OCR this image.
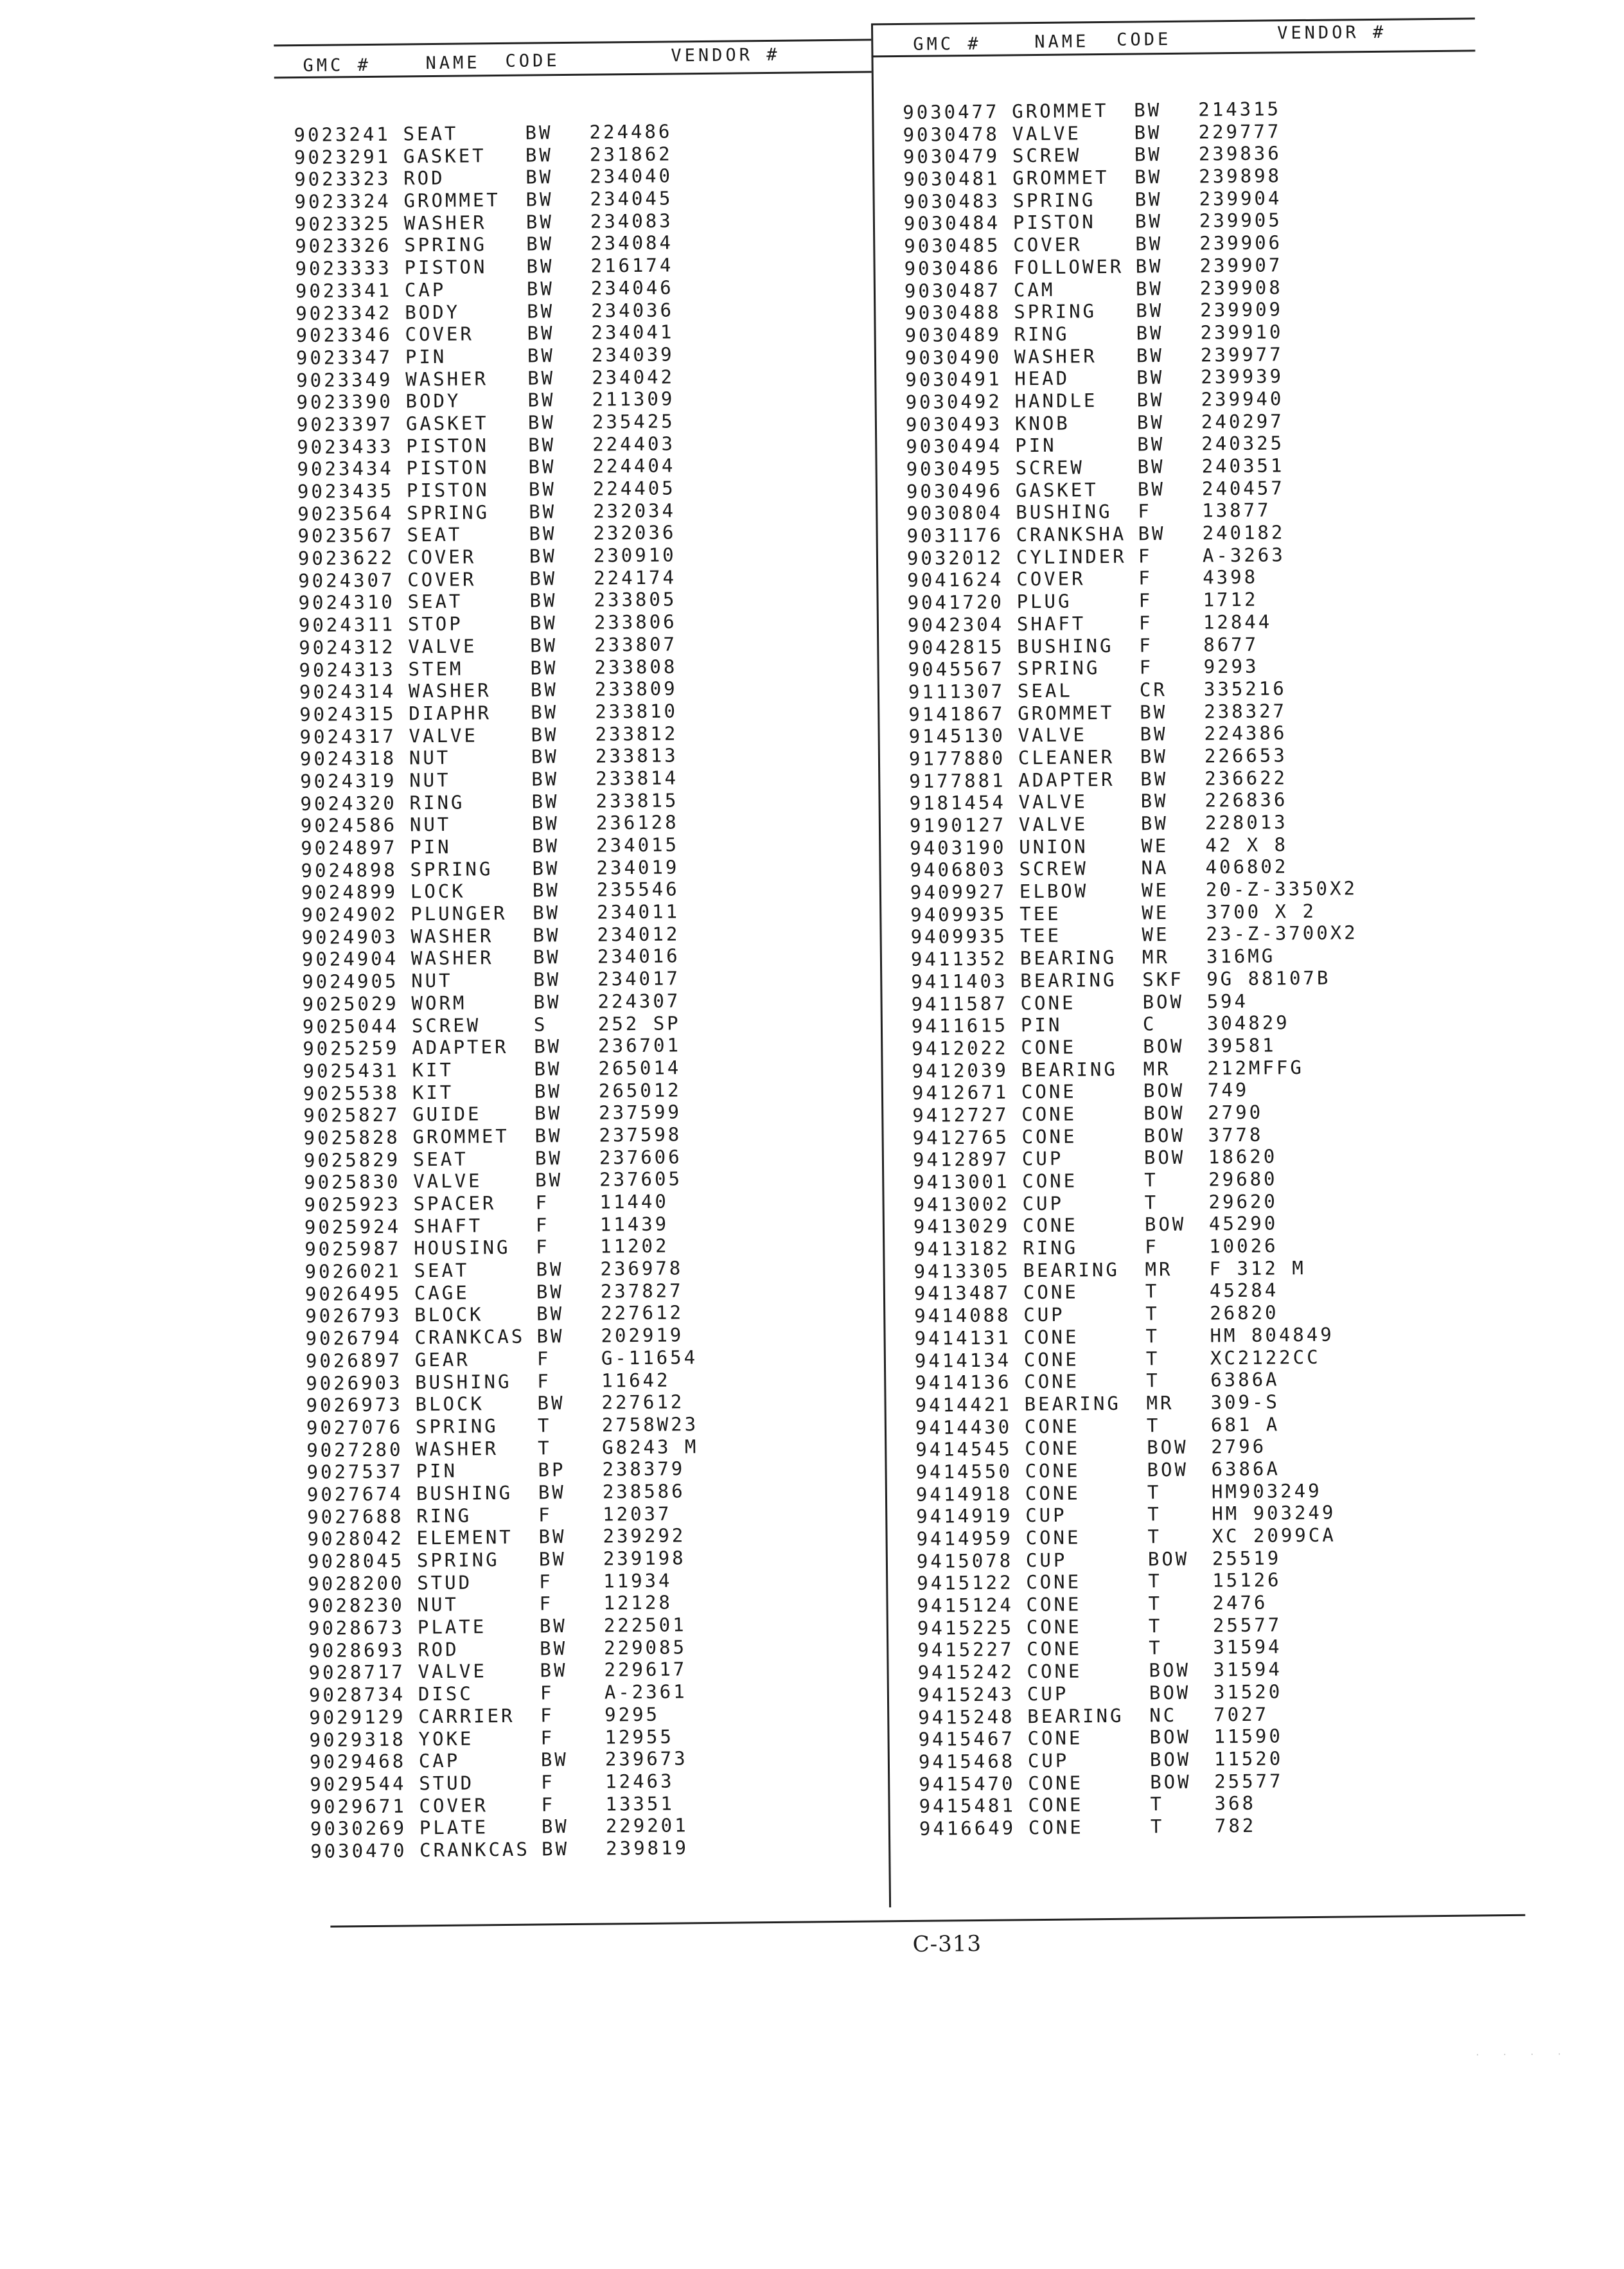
GMC #	NAME CODE	VENDOR #
GMC #	NAME CODE	VENDOR #
9023241 SEAT	BW 224486
9023291 GASKET BW 231862
9023323 ROD	BW 234040
9023324 GROMMET BW 234045
9023325 WASHER BW 234083
9023326 SPRING BW 234084
9023333 PISTON BW 216174
9023341 CAP	BW 234046
9023342 BODY	BW 234036
9023346 COVER	BW 234041
9023347 PIN	BW 234039
9023349 WASHER BW 234042
9023390 BODY	BW 211309
9023397 GASKET BW 235425
9023433 PISTON BW 224403
9023434 PISTON BW 224404
9023435 PISTON BW 224405
9023564 SPRING BW 232034
9023567 SEAT	BW 232036
9023622 COVER	BW 230910
9024307 COVER	BW 224174
9024310 SEAT	BW 233805
9024311 STOP	BW 233806
9024312 VALVE	BW 233807
9024313 STEM	BW 233808
9024314 WASHER BW 233809
9024315 DIAPHR BW 233810
9024317 VALVE	BW 233812
9024318 NUT	BW 233813
9024319 NUT	BW 233814
9024320 RING	BW 233815
9024586 NUT	BW 236128
9024897 PIN	BW 234015
9024898 SPRING BW 234019
9024899 LOCK	BW 235546
9024902 PLUNGER BW 234011
9024903 WASHER BW 234012
9024904 WASHER BW 234016
9024905 NUT	BW 234017
9025029 WORM	BW 224307
9025044 SCREW	S	252 SP
9025259 ADAPTER BW 236701
9025431 KIT	BW 265014
9025538 KIT	BW 265012
9025827 GUIDE	BW 237599
9025828 GROMMET BW 237598
9025829 SEAT	BW 237606
9025830 VALVE	BW 237605
9025923 SPACER F	11440
9025924 SHAFT	F	11439
9025987 HOUSING F	11202
9026021 SEAT	BW 236978
9026495 CAGE	BW 237827
9026793 BLOCK	BW 227612
9026794 CRANKCAS BW 202919
9026897 GEAR	F	G-11654
9026903 BUSHING F	11642
9026973 BLOCK	BW 227612
9027076 SPRING T	2758W23
9027280 WASHER T	G8243 M
9027537 PIN	BP 238379
9027674 BUSHING BW 238586
9027688 RING	F	12037
9028042 ELEMENT BW 239292
9028045 SPRING BW 239198
9028200 STUD	F	11934
9028230 NUT	F	12128
9028673 PLATE	BW 222501
9028693 ROD	BW 229085
9028717 VALVE	BW 229617
9028734 DISC	F	A-2361
9029129 CARRIER F	9295
9029318 YOKE	F	12955
9029468 CAP	BW 239673
9029544 STUD	F	12463
9029671 COVER	F	13351
9030269 PLATE	BW 229201
9030470 CRANKCAS BW 239819
9030477 GROMMET BW 214315
9030478 VALVE	BW 229777
9030479 SCREW	BW 239836
9030481 GROMMET BW 239898
9030483 SPRING BW 239904
9030484 PISTON BW 239905
9030485 COVER	BW 239906
9030486 FOLLOWER BW 239907
9030487 CAM	BW 239908
9030488 SPRING BW 239909
9030489 RING	BW 239910
9030490 WASHER BW 239977
9030491 HEAD	BW 239939
9030492 HANDLE BW 239940
9030493 KNOB	BW 240297
9030494 PIN	BW 240325
9030495 SCREW	BW 240351
9030496 GASKET BW 240457
9030804 BUSHING F	13877
9031176 CRANKSHA BW 240182
9032012 CYLINDER F	A-3263
9041624 COVER	F	4398
9041720 PLUG	F	1712
9042304 SHAFT	F	12844
9042815 BUSHING F	8677
9045567 SPRING F	9293
9111307 SEAL	CR 335216
9141867 GROMMET BW 238327
9145130 VALVE	BW 224386
9177880 CLEANER BW 226653
9177881 ADAPTER BW 236622
9181454 VALVE	BW 226836
9190127 VALVE	BW 228013
9403190 UNION	WE 42 X 8
9406803 SCREW	NA 406802
9409927 ELBOW	WE 20-Z-3350X2
9409935 TEE	WE 3700 X 2
9409935 TEE	WE 23-Z-3700X2
9411352 BEARING MR 316MG
9411403 BEARING SKF 9G 88107B
9411587 CONE	BOW 594
9411615 PIN	C	304829
9412022 CONE	BOW 39581
9412039 BEARING MR 212MFFG
9412671 CONE	BOW 749
9412727 CONE	BOW 2790
9412765 CONE	BOW 3778
9412897 CUP	BOW 18620
9413001 CONE	T	29680
9413002 CUP	T	29620
9413029 CONE	BOW 45290
9413182 RING	F	10026
9413305 BEARING MR F 312 M
9413487 CONE	T	45284
9414088 CUP	T	26820
9414131 CONE	T	HM 804849
9414134 CONE	T	XC2122CC
9414136 CONE	T	6386A
9414421 BEARING MR 309-S
9414430 CONE	T	681 A
9414545 CONE	BOW 2796
9414550 CONE	BOW 6386A
9414918 CONE	T	HM903249
9414919 CUP	T	HM 903249
9414959 CONE	T	XC 2099CA
9415078 CUP	BOW 25519
9415122 CONE	T	15126
9415124 CONE	T	2476
9415225 CONE	T	25577
9415227 CONE	T	31594
9415242 CONE	BOW 31594
9415243 CUP	BOW 31520
9415248 BEARING NC 7027
9415467 CONE	BOW 11590
9415468 CUP	BOW 11520
9415470 CONE	BOW 25577
9415481 CONE	T	368
9416649 CONE	T	782
C-313
. . . .
